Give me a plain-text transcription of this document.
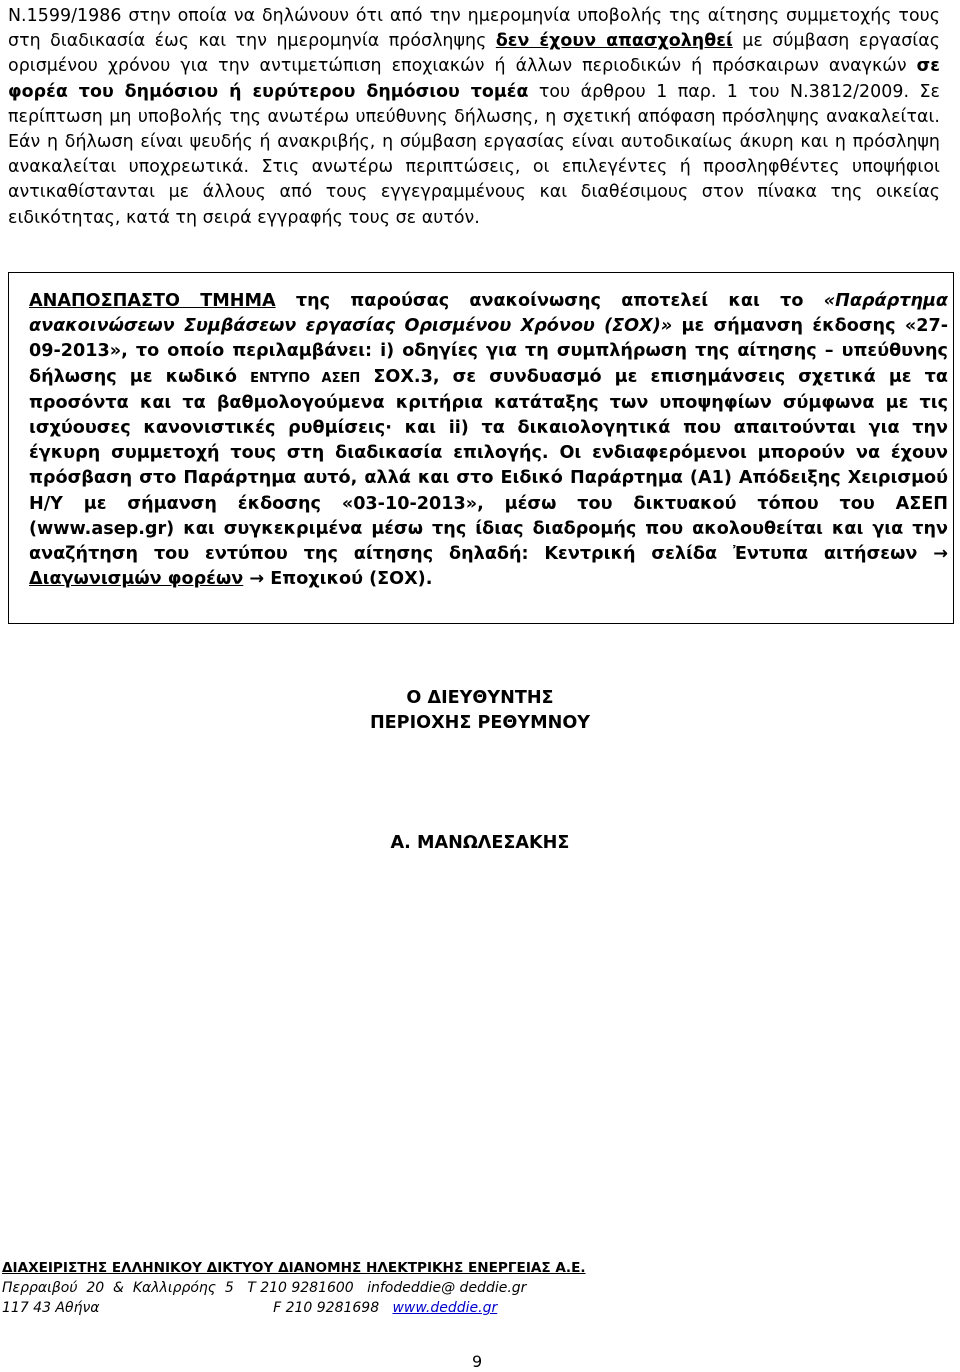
Ν.1599/1986 στην οποία να δηλώνουν ότι από την ημερομηνία υποβολής της αίτησης συμμετοχής τους στη διαδικασία έως και την ημερομηνία πρόσληψης δεν έχουν απασχοληθεί με σύμβαση εργασίας ορισμένου χρόνου για την αντιμετώπιση εποχιακών ή άλλων περιοδικών ή πρόσκαιρων αναγκών σε φορέα του δημόσιου ή ευρύτερου δημόσιου τομέα του άρθρου 1 παρ. 1 του Ν.3812/2009. Σε περίπτωση μη υποβολής της ανωτέρω υπεύθυνης δήλωσης, η σχετική απόφαση πρόσληψης ανακαλείται. Εάν η δήλωση είναι ψευδής ή ανακριβής, η σύμβαση εργασίας είναι αυτοδικαίως άκυρη και η πρόσληψη ανακαλείται υποχρεωτικά. Στις ανωτέρω περιπτώσεις, οι επιλεγέντες ή προσληφθέντες υποψήφιοι αντικαθίστανται με άλλους από τους εγγεγραμμένους και διαθέσιμους στον πίνακα της οικείας ειδικότητας, κατά τη σειρά εγγραφής τους σε αυτόν.
ΑΝΑΠΟΣΠΑΣΤΟ ΤΜΗΜΑ της παρούσας ανακοίνωσης αποτελεί και το «Παράρτημα ανακοινώσεων Συμβάσεων εργασίας Ορισμένου Χρόνου (ΣΟΧ)» με σήμανση έκδοσης «27-09-2013», το οποίο περιλαμβάνει: i) οδηγίες για τη συμπλήρωση της αίτησης – υπεύθυνης δήλωσης με κωδικό ΕΝΤΥΠΟ ΑΣΕΠ ΣΟΧ.3, σε συνδυασμό με επισημάνσεις σχετικά με τα προσόντα και τα βαθμολογούμενα κριτήρια κατάταξης των υποψηφίων σύμφωνα με τις ισχύουσες κανονιστικές ρυθμίσεις· και ii) τα δικαιολογητικά που απαιτούνται για την έγκυρη συμμετοχή τους στη διαδικασία επιλογής. Οι ενδιαφερόμενοι μπορούν να έχουν πρόσβαση στο Παράρτημα αυτό, αλλά και στο Ειδικό Παράρτημα (Α1) Απόδειξης Χειρισμού Η/Υ με σήμανση έκδοσης «03-10-2013», μέσω του δικτυακού τόπου του ΑΣΕΠ (www.asep.gr) και συγκεκριμένα μέσω της ίδιας διαδρομής που ακολουθείται και για την αναζήτηση του εντύπου της αίτησης δηλαδή: Κεντρική σελίδα Ἐντυπα αιτήσεων → Διαγωνισμών φορέων → Εποχικού (ΣΟΧ).
Ο ΔΙΕΥΘΥΝΤΗΣ
ΠΕΡΙΟΧΗΣ ΡΕΘΥΜΝΟΥ
Α. ΜΑΝΩΛΕΣΑΚΗΣ
ΔΙΑΧΕΙΡΙΣΤΗΣ ΕΛΛΗΝΙΚΟΥ ΔΙΚΤΥΟΥ ΔΙΑΝΟΜΗΣ ΗΛΕΚΤΡΙΚΗΣ ΕΝΕΡΓΕΙΑΣ Α.Ε.
Περραιβού  20  &  Καλλιρρόης  5 Τ 210 9281600 infodeddie@ deddie.gr
117 43 Αθήνα	F 210 9281698 www.deddie.gr
9
